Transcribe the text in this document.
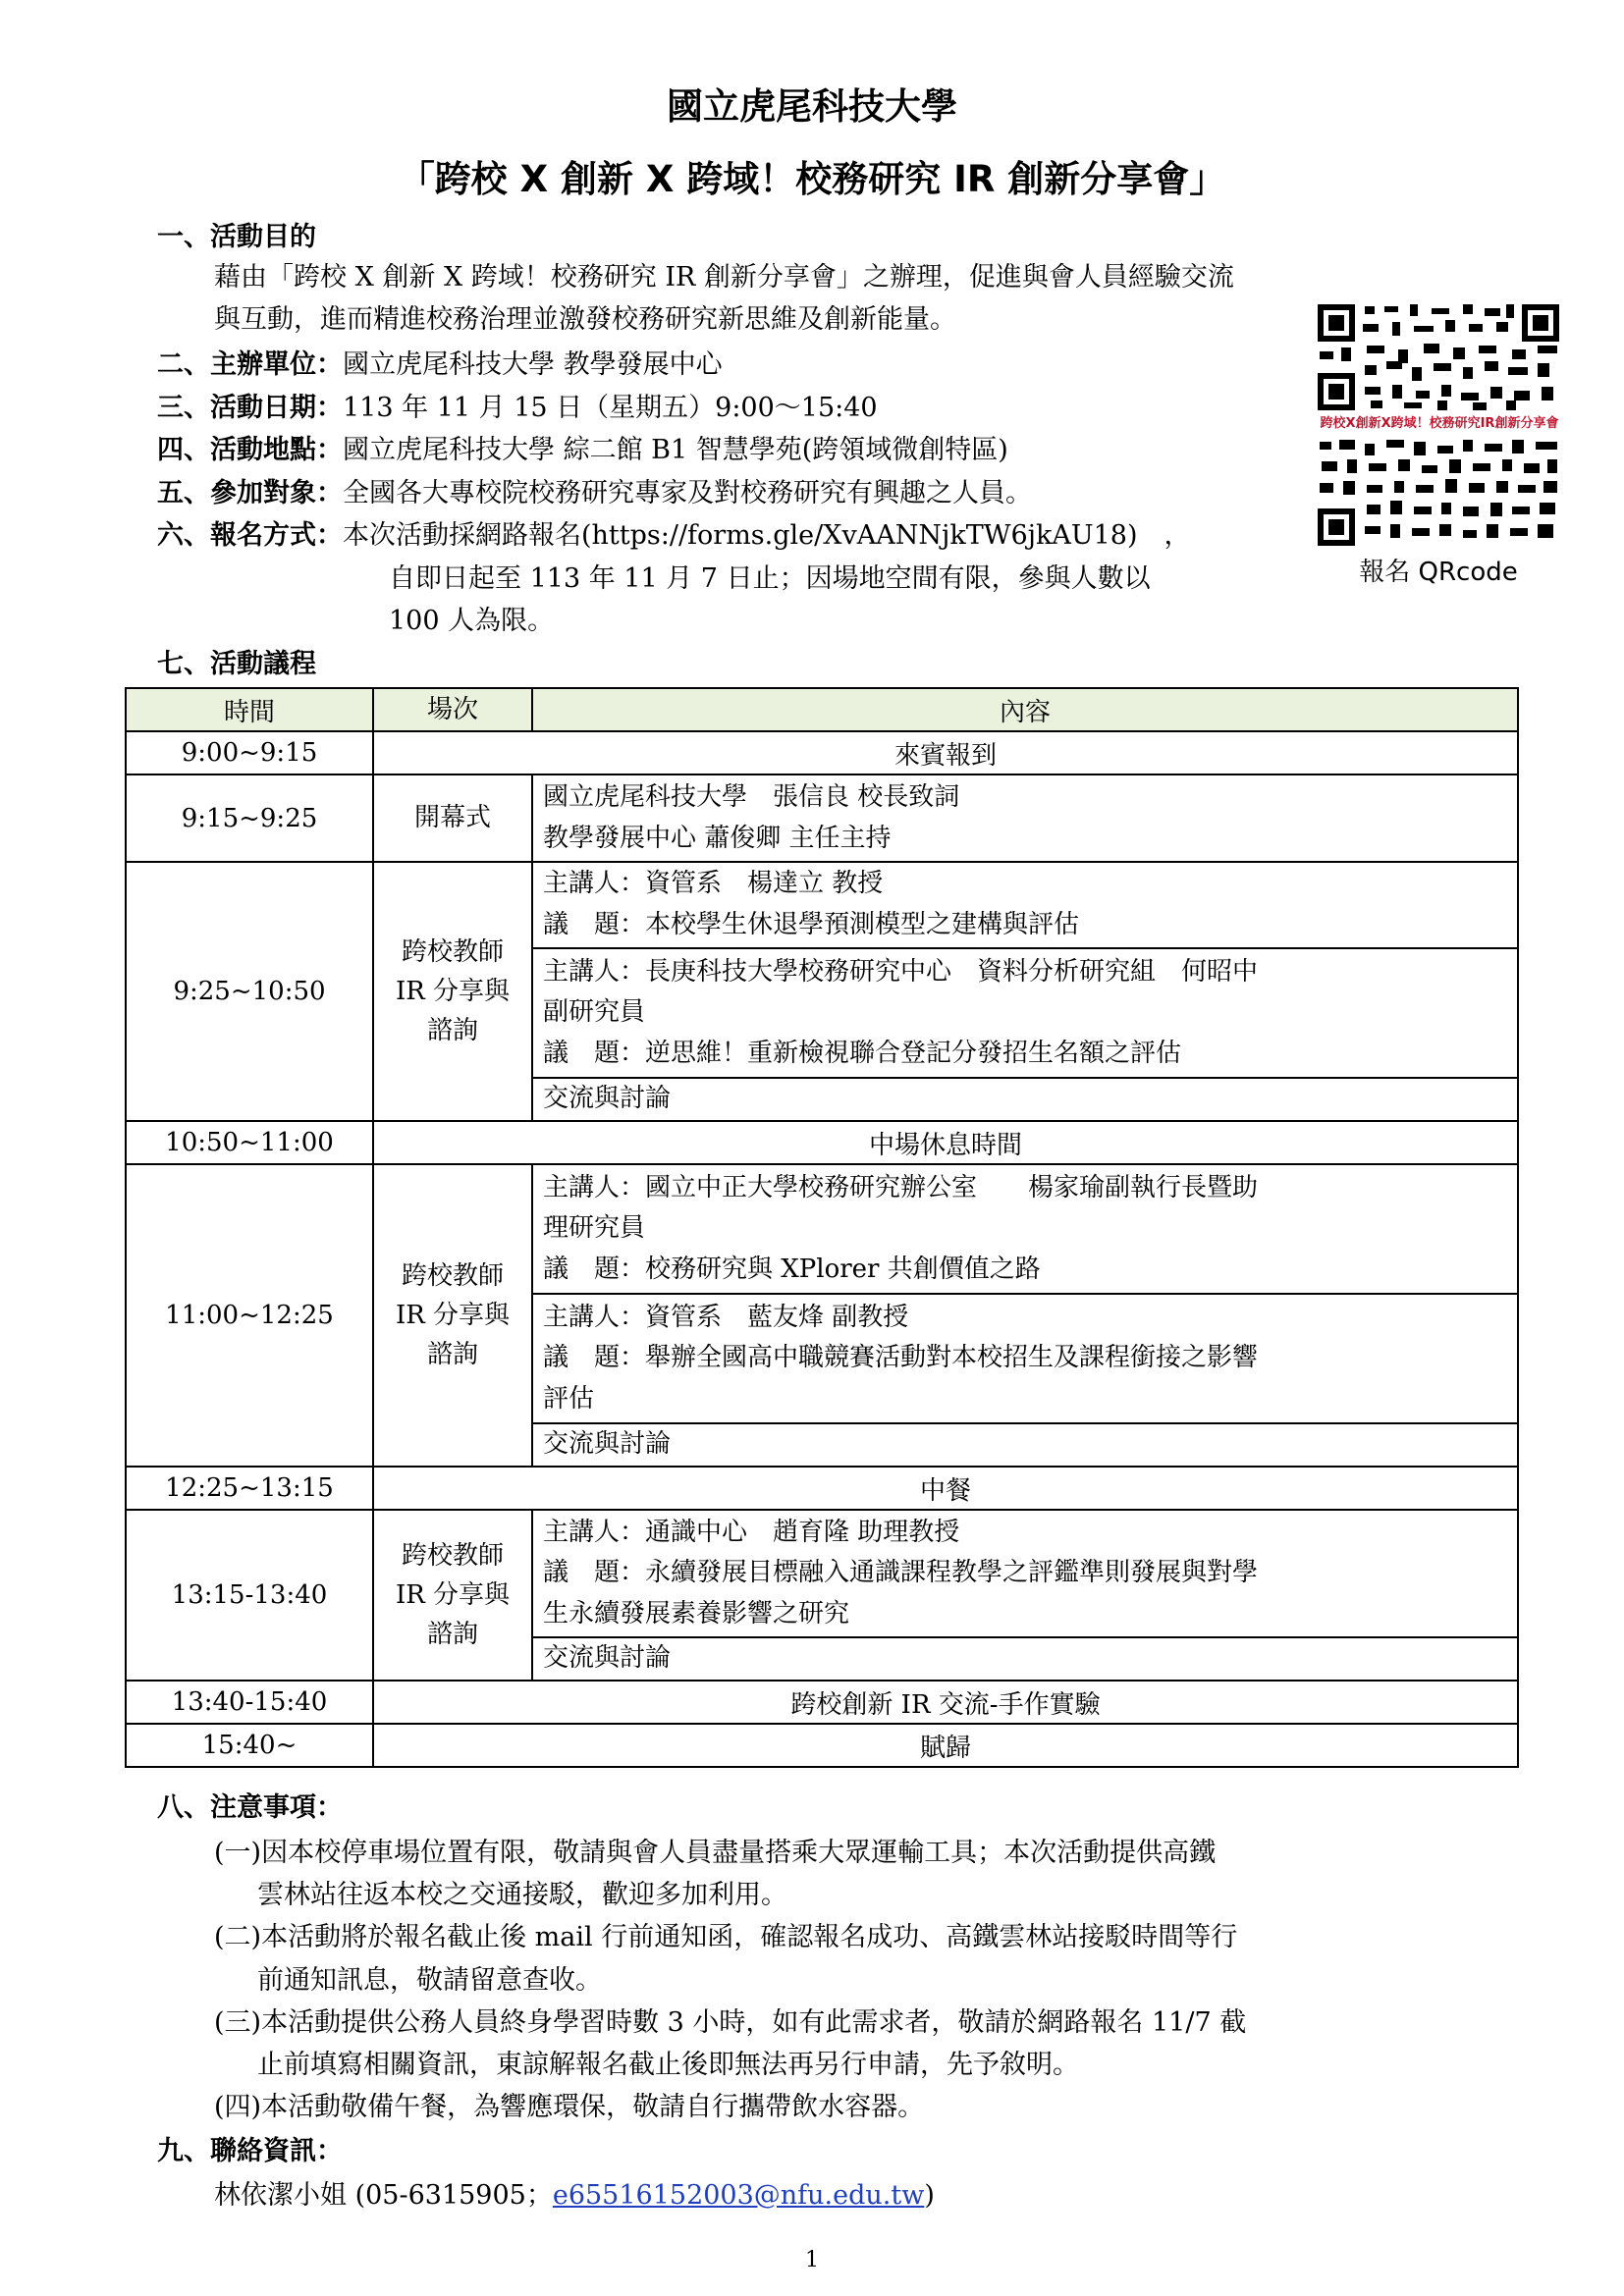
國立虎尾科技大學
「跨校 X 創新 X 跨域！校務研究 IR 創新分享會」
一、活動目的
藉由「跨校 X 創新 X 跨域！校務研究 IR 創新分享會」之辦理，促進與會人員經驗交流
與互動，進而精進校務治理並激發校務研究新思維及創新能量。
二、主辦單位：國立虎尾科技大學 教學發展中心
三、活動日期：113 年 11 月 15 日（星期五）9:00～15:40
四、活動地點：國立虎尾科技大學 綜二館 B1 智慧學苑(跨領域微創特區)
五、參加對象：全國各大專校院校務研究專家及對校務研究有興趣之人員。
六、報名方式：本次活動採網路報名(https://forms.gle/XvAANNjkTW6jkAU18)　，
自即日起至 113 年 11 月 7 日止；因場地空間有限，參與人數以
100 人為限。
跨校X創新X跨域！校務研究IR創新分享會
報名 QRcode
七、活動議程
時間	場次	內容
9:00~9:15	來賓報到	
9:15~9:25	開幕式	國立虎尾科技大學　張信良 校長致詞
教學發展中心 蕭俊卿 主任主持

9:25~10:50	跨校教師 IR 分享與諮詢	主講人：資管系　楊達立 教授
議　題：本校學生休退學預測模型之建構與評估

		主講人：長庚科技大學校務研究中心　資料分析研究組　何昭中
副研究員
議　題：逆思維！重新檢視聯合登記分發招生名額之評估

		交流與討論
10:50~11:00	中場休息時間	
11:00~12:25	跨校教師 IR 分享與諮詢	主講人：國立中正大學校務研究辦公室　　楊家瑜副執行長暨助
理研究員
議　題：校務研究與 XPlorer 共創價值之路

		主講人：資管系　藍友烽 副教授
議　題：舉辦全國高中職競賽活動對本校招生及課程銜接之影響
評估

		交流與討論
12:25~13:15	中餐	
13:15-13:40	跨校教師 IR 分享與諮詢	主講人：通識中心　趙育隆 助理教授
議　題：永續發展目標融入通識課程教學之評鑑準則發展與對學
生永續發展素養影響之研究

		交流與討論
13:40-15:40	跨校創新 IR 交流-手作實驗	
15:40~	賦歸	
八、注意事項：
(一)因本校停車場位置有限，敬請與會人員盡量搭乘大眾運輸工具；本次活動提供高鐵
雲林站往返本校之交通接駁，歡迎多加利用。
(二)本活動將於報名截止後 mail 行前通知函，確認報名成功、高鐵雲林站接駁時間等行
前通知訊息，敬請留意查收。
(三)本活動提供公務人員終身學習時數 3 小時，如有此需求者，敬請於網路報名 11/7 截
止前填寫相關資訊，東諒解報名截止後即無法再另行申請，先予敘明。
(四)本活動敬備午餐，為響應環保，敬請自行攜帶飲水容器。
九、聯絡資訊：
林依潔小姐 (05-6315905；e65516152003@nfu.edu.tw)
1
